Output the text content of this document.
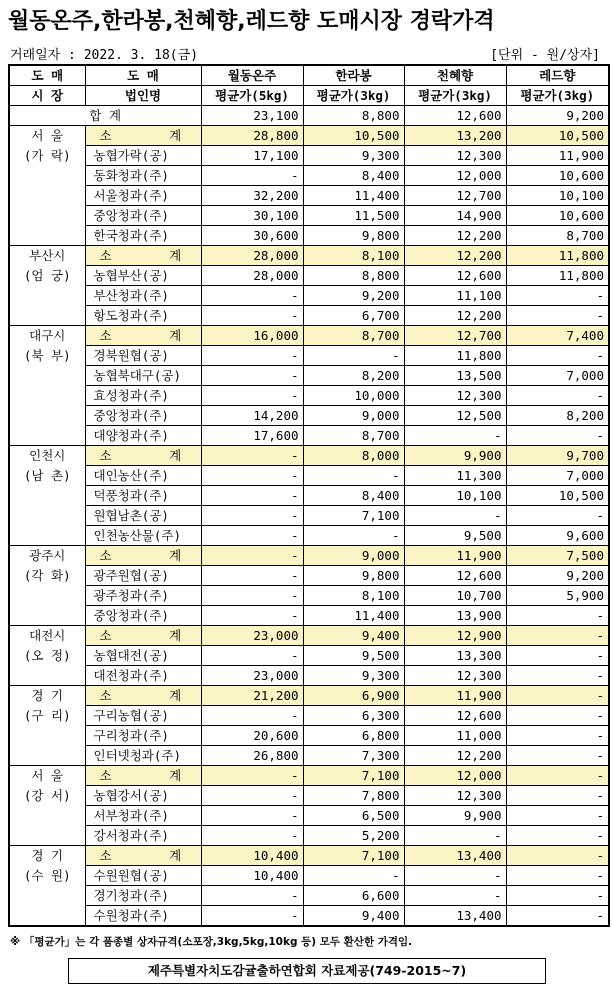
월동온주,한라봉,천혜향,레드향 도매시장 경락가격
거래일자 : 2022. 3. 18(금)	[단위 - 원/상자]
도 매	도 매	월동온주	한라봉	천혜향	레드향

시 장	법인명	평균가(5kg)	평균가(3kg)	평균가(3kg)	평균가(3kg)

합 계		23,100	8,800	12,600	9,200

서 울
(가 락)	소 계	28,800	10,500	13,200	10,500
	농협가락(공)	17,100	9,300	12,300	11,900
	동화청과(주)	-	8,400	12,000	10,600
	서울청과(주)	32,200	11,400	12,700	10,100
	중앙청과(주)	30,100	11,500	14,900	10,600
	한국청과(주)	30,600	9,800	12,200	8,700

부산시
(엄 궁)	소 계	28,000	8,100	12,200	11,800
	농협부산(공)	28,000	8,800	12,600	11,800
	부산청과(주)	-	9,200	11,100	-
	항도청과(주)	-	6,700	12,200	-

대구시
(북 부)	소 계	16,000	8,700	12,700	7,400
	경북원협(공)	-	-	11,800	-
	농협북대구(공)	-	8,200	13,500	7,000
	효성청과(주)	-	10,000	12,300	-
	중앙청과(주)	14,200	9,000	12,500	8,200
	대양청과(주)	17,600	8,700	-	-

인천시
(남 촌)	소 계	-	8,000	9,900	9,700
	대인농산(주)	-	-	11,300	7,000
	덕풍청과(주)	-	8,400	10,100	10,500
	원협남촌(공)	-	7,100	-	-
	인천농산물(주)	-	-	9,500	9,600

광주시
(각 화)	소 계	-	9,000	11,900	7,500
	광주원협(공)	-	9,800	12,600	9,200
	광주청과(주)	-	8,100	10,700	5,900
	중앙청과(주)	-	11,400	13,900	-

대전시
(오 정)	소 계	23,000	9,400	12,900	-
	농협대전(공)	-	9,500	13,300	-
	대전청과(주)	23,000	9,300	12,300	-

경 기
(구 리)	소 계	21,200	6,900	11,900	-
	구리농협(공)	-	6,300	12,600	-
	구리청과(주)	20,600	6,800	11,000	-
	인터넷청과(주)	26,800	7,300	12,200	-

서 울
(강 서)	소 계	-	7,100	12,000	-
	농협강서(공)	-	7,800	12,300	-
	서부청과(주)	-	6,500	9,900	-
	강서청과(주)	-	5,200	-	-

경 기
(수 원)	소 계	10,400	7,100	13,400	-
	수원원협(공)	10,400	-	-	-
	경기청과(주)	-	6,600	-	-
	수원청과(주)	-	9,400	13,400	-
※ 「평균가」는 각 품종별 상자규격(소포장,3kg,5kg,10kg 등) 모두 환산한 가격임.
제주특별자치도감귤출하연합회 자료제공(749-2015~7)
